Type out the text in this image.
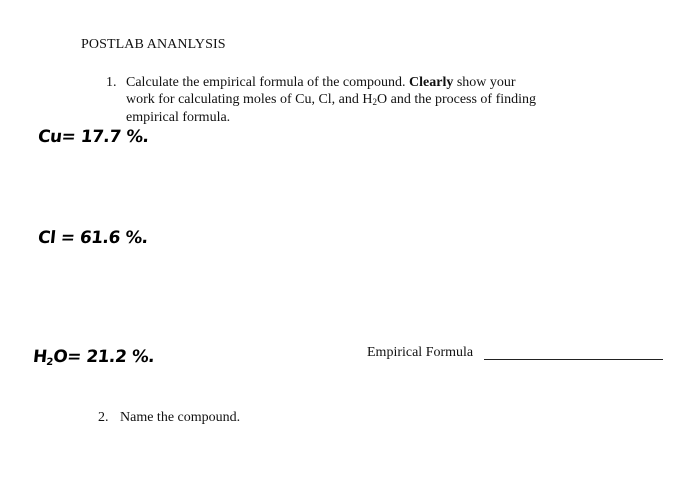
POSTLAB ANANLYSIS
1. Calculate the empirical formula of the compound. Clearly show your work for calculating moles of Cu, Cl, and $H_2O$ and the process of finding empirical formula.
Cu= 17.7 %.
Cl = 61.6 %.
H2O= 21.2 %.	Empirical Formula
2. Name the compound.
